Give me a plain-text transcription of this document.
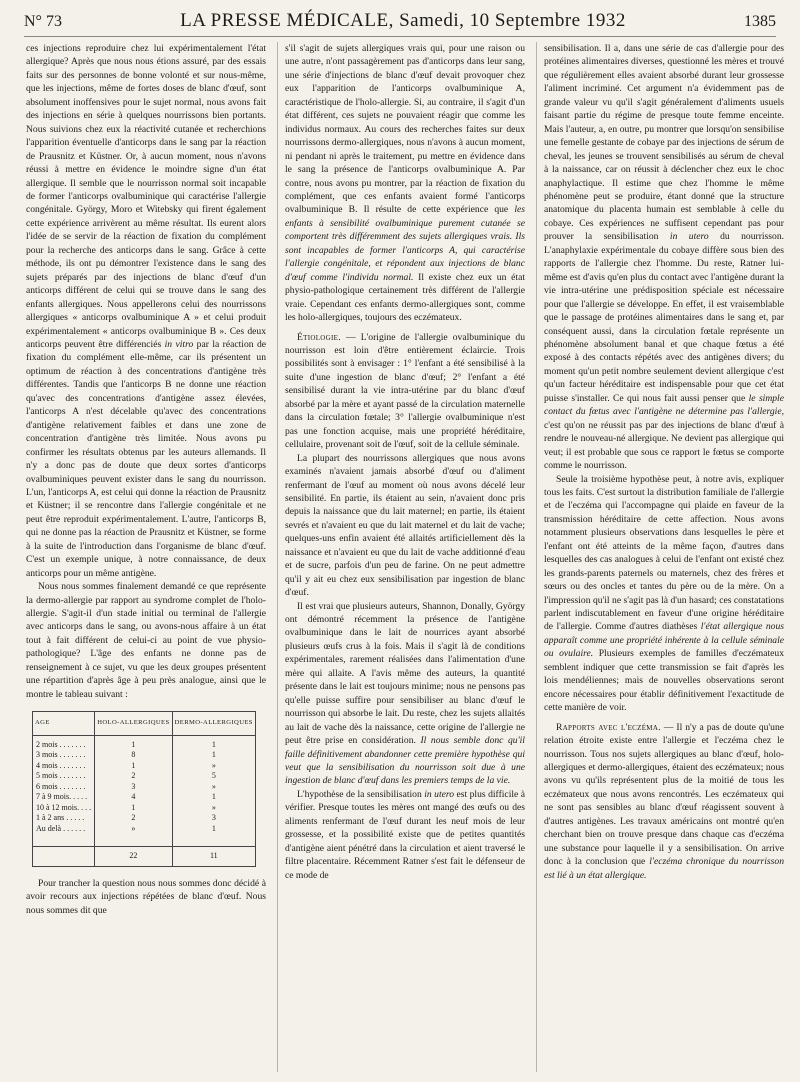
N° 73	LA PRESSE MÉDICALE, Samedi, 10 Septembre 1932	1385

ces injections reproduire chez lui expérimentalement l'état allergique? Après que nous nous étions assuré, par des essais faits sur des personnes de bonne volonté et sur nous-même, que les injections, même de fortes doses de blanc d'œuf, sont absolument inoffensives pour le sujet normal, nous avons fait des injections en série à quelques nourrissons bien portants. Nous suivions chez eux la réactivité cutanée et recherchions l'apparition éventuelle d'anticorps dans le sang par la réaction de Prausnitz et Küstner. Or, à aucun moment, nous n'avons réussi à mettre en évidence le moindre signe d'un état allergique. Il semble que le nourrisson normal soit incapable de former l'anticorps ovalbuminique qui caractérise l'allergie congénitale. György, Moro et Witebsky qui firent également cette expérience arrivèrent au même résultat. Ils eurent alors l'idée de se servir de la réaction de fixation du complément pour la recherche des anticorps dans le sang. Grâce à cette méthode, ils ont pu démontrer l'existence dans le sang des sujets préparés par des injections de blanc d'œuf d'un anticorps différent de celui qui se trouve dans le sang des enfants allergiques. Nous appellerons celui des nourrissons allergiques « anticorps ovalbuminique A » et celui produit expérimentalement « anticorps ovalbuminique B ». Ces deux anticorps peuvent être différenciés in vitro par la réaction de fixation du complément elle-même, car ils présentent un optimum de réaction à des concentrations d'antigène très différentes. Tandis que l'anticorps B ne donne une réaction qu'avec des concentrations d'antigène assez élevées, l'anticorps A n'est décelable qu'avec des concentrations d'antigène relativement faibles et dans une zone de concentration d'antigène très limitée. Nous avons pu confirmer les résultats obtenus par les auteurs allemands. Il n'y a donc pas de doute que deux sortes d'anticorps ovalbuminiques peuvent exister dans le sang du nourrisson. L'un, l'anticorps A, est celui qui donne la réaction de Prausnitz et Küstner; il se rencontre dans l'allergie congénitale et ne peut être reproduit expérimentalement. L'autre, l'anticorps B, qui ne donne pas la réaction de Prausnitz et Küstner, se forme à la suite de l'introduction dans l'organisme de blanc d'œuf. C'est un exemple unique, à notre connaissance, de deux anticorps pour un même antigène.

Nous nous sommes finalement demandé ce que représente la dermo-allergie par rapport au syndrome complet de l'holo-allergie. S'agit-il d'un stade initial ou terminal de l'allergie avec anticorps dans le sang, ou avons-nous affaire à un état tout à fait différent de celui-ci au point de vue physio-pathologique? L'âge des enfants ne donne pas de renseignement à ce sujet, vu que les deux groupes présentent une répartition d'après âge à peu près analogue, ainsi que le montre le tableau suivant :

AGE	HOLO-ALLERGIQUES	DERMO-ALLERGIQUES
2 mois . . . . . . .	1	1
3 mois . . . . . . .	8	1
4 mois . . . . . . .	1	»
5 mois . . . . . . .	2	5
6 mois . . . . . . .	3	»
7 à 9 mois. . . . .	4	1
10 à 12 mois. . . .	1	»
1 à 2 ans . . . . .	2	3
Au delà . . . . . .	»	1
	22	11

Pour trancher la question nous nous sommes donc décidé à avoir recours aux injections répétées de blanc d'œuf. Nous nous sommes dit que

s'il s'agit de sujets allergiques vrais qui, pour une raison ou une autre, n'ont passagèrement pas d'anticorps dans leur sang, une série d'injections de blanc d'œuf devait provoquer chez eux l'apparition de l'anticorps ovalbuminique A, caractéristique de l'holo-allergie. Si, au contraire, il s'agit d'un état différent, ces sujets ne pouvaient réagir que comme les individus normaux. Au cours des recherches faites sur deux nourrissons dermo-allergiques, nous n'avons à aucun moment, ni pendant ni après le traitement, pu mettre en évidence dans le sang la présence de l'anticorps ovalbuminique A. Par contre, nous avons pu montrer, par la réaction de fixation du complément, que ces enfants avaient formé l'anticorps ovalbuminique B. Il résulte de cette expérience que les enfants à sensibilité ovalbuminique purement cutanée se comportent très différemment des sujets allergiques vrais. Ils sont incapables de former l'anticorps A, qui caractérise l'allergie congénitale, et répondent aux injections de blanc d'œuf comme l'individu normal. Il existe chez eux un état physio-pathologique certainement très différent de l'allergie vraie. Cependant ces enfants dermo-allergiques sont, comme les holo-allergiques, toujours des eczémateux.

Étiologie. — L'origine de l'allergie ovalbuminique du nourrisson est loin d'être entièrement éclaircie. Trois possibilités sont à envisager : 1° l'enfant a été sensibilisé à la suite d'une ingestion de blanc d'œuf; 2° l'enfant a été sensibilisé durant la vie intra-utérine par du blanc d'œuf absorbé par la mère et ayant passé de la circulation maternelle dans la circulation fœtale; 3° l'allergie ovalbuminique n'est pas une fonction acquise, mais une propriété héréditaire, cellulaire, provenant soit de l'œuf, soit de la cellule séminale.

La plupart des nourrissons allergiques que nous avons examinés n'avaient jamais absorbé d'œuf ou d'aliment renfermant de l'œuf au moment où nous avons décelé leur sensibilité. En partie, ils étaient au sein, n'avaient donc pris depuis la naissance que du lait maternel; en partie, ils étaient sevrés et n'avaient eu que du lait maternel et du lait de vache; quelques-uns enfin avaient été allaités artificiellement dès la naissance et n'avaient eu que du lait de vache additionné d'eau et de sucre, parfois d'un peu de farine. On ne peut admettre qu'il y ait eu chez eux sensibilisation par ingestion de blanc d'œuf.

Il est vrai que plusieurs auteurs, Shannon, Donally, György ont démontré récemment la présence de l'antigène ovalbuminique dans le lait de nourrices ayant absorbé plusieurs œufs crus à la fois. Mais il s'agit là de conditions expérimentales, rarement réalisées dans l'alimentation d'une mère qui allaite. A l'avis même des auteurs, la quantité présente dans le lait est toujours minime; nous ne pensons pas qu'elle puisse suffire pour sensibiliser au blanc d'œuf le nourrisson qui absorbe le lait. Du reste, chez les sujets allaités au lait de vache dès la naissance, cette origine de l'allergie ne peut être prise en considération. Il nous semble donc qu'il faille définitivement abandonner cette première hypothèse qui veut que la sensibilisation du nourrisson soit due à une ingestion de blanc d'œuf dans les premiers temps de la vie.

L'hypothèse de la sensibilisation in utero est plus difficile à vérifier. Presque toutes les mères ont mangé des œufs ou des aliments renfermant de l'œuf durant les neuf mois de leur grossesse, et la possibilité existe que de petites quantités d'antigène aient pénétré dans la circulation et aient traversé le filtre placentaire. Récemment Ratner s'est fait le défenseur de ce mode de

sensibilisation. Il a, dans une série de cas d'allergie pour des protéines alimentaires diverses, questionné les mères et trouvé que régulièrement elles avaient absorbé durant leur grossesse l'aliment incriminé. Cet argument n'a évidemment pas de grande valeur vu qu'il s'agit généralement d'aliments usuels faisant partie du régime de presque toute femme enceinte. Mais l'auteur, a, en outre, pu montrer que lorsqu'on sensibilise une femelle gestante de cobaye par des injections de sérum de cheval, les jeunes se trouvent sensibilisés au sérum de cheval à la naissance, car on réussit à déclencher chez eux le choc anaphylactique. Il estime que chez l'homme le même phénomène peut se produire, étant donné que la structure anatomique du placenta humain est semblable à celle du cobaye. Ces expériences ne suffisent cependant pas pour prouver la sensibilisation in utero du nourrisson. L'anaphylaxie expérimentale du cobaye diffère sous bien des rapports de l'allergie chez l'homme. Du reste, Ratner lui-même est d'avis qu'en plus du contact avec l'antigène durant la vie intra-utérine une prédisposition spéciale est nécessaire pour que l'allergie se développe. En effet, il est vraisemblable que le passage de protéines alimentaires dans le sang et, par conséquent aussi, dans la circulation fœtale représente un phénomène absolument banal et que chaque fœtus a été exposé à des contacts répétés avec des antigènes divers; du moment qu'un petit nombre seulement devient allergique c'est qu'un facteur héréditaire est indispensable pour que cet état puisse s'installer. Ce qui nous fait aussi penser que le simple contact du fœtus avec l'antigène ne détermine pas l'allergie, c'est qu'on ne réussit pas par des injections de blanc d'œuf à rendre le nouveau-né allergique. Ne devient pas allergique qui veut; il est probable que sous ce rapport le fœtus se comporte comme le nourrisson.

Seule la troisième hypothèse peut, à notre avis, expliquer tous les faits. C'est surtout la distribution familiale de l'allergie et de l'eczéma qui l'accompagne qui plaide en faveur de la transmission héréditaire de cette affection. Nous avons notamment plusieurs observations dans lesquelles le père et l'enfant ont été atteints de la même façon, d'autres dans lesquelles des cas analogues à celui de l'enfant ont existé chez les grands-parents paternels ou maternels, chez des frères et sœurs ou des oncles et tantes du père ou de la mère. On a l'impression qu'il ne s'agit pas là d'un hasard; ces constatations parlent indiscutablement en faveur d'une origine héréditaire de l'allergie. Comme d'autres diathèses l'état allergique nous apparaît comme une propriété inhérente à la cellule séminale ou ovulaire. Plusieurs exemples de familles d'eczémateux semblent indiquer que cette transmission se fait d'après les lois mendéliennes; mais de nouvelles observations seront encore nécessaires pour établir définitivement l'exactitude de cette manière de voir.

Rapports avec l'eczéma. — Il n'y a pas de doute qu'une relation étroite existe entre l'allergie et l'eczéma chez le nourrisson. Tous nos sujets allergiques au blanc d'œuf, holo-allergiques et dermo-allergiques, étaient des eczémateux; nous avons vu qu'ils représentent plus de la moitié de tous les eczémateux que nous avons rencontrés. Les eczémateux qui ne sont pas sensibles au blanc d'œuf réagissent souvent à d'autres antigènes. Les travaux américains ont montré qu'en cherchant bien on trouve presque dans chaque cas d'eczéma une substance pour laquelle il y a sensibilisation. On arrive donc à la conclusion que l'eczéma chronique du nourrisson est lié à un état allergique.
